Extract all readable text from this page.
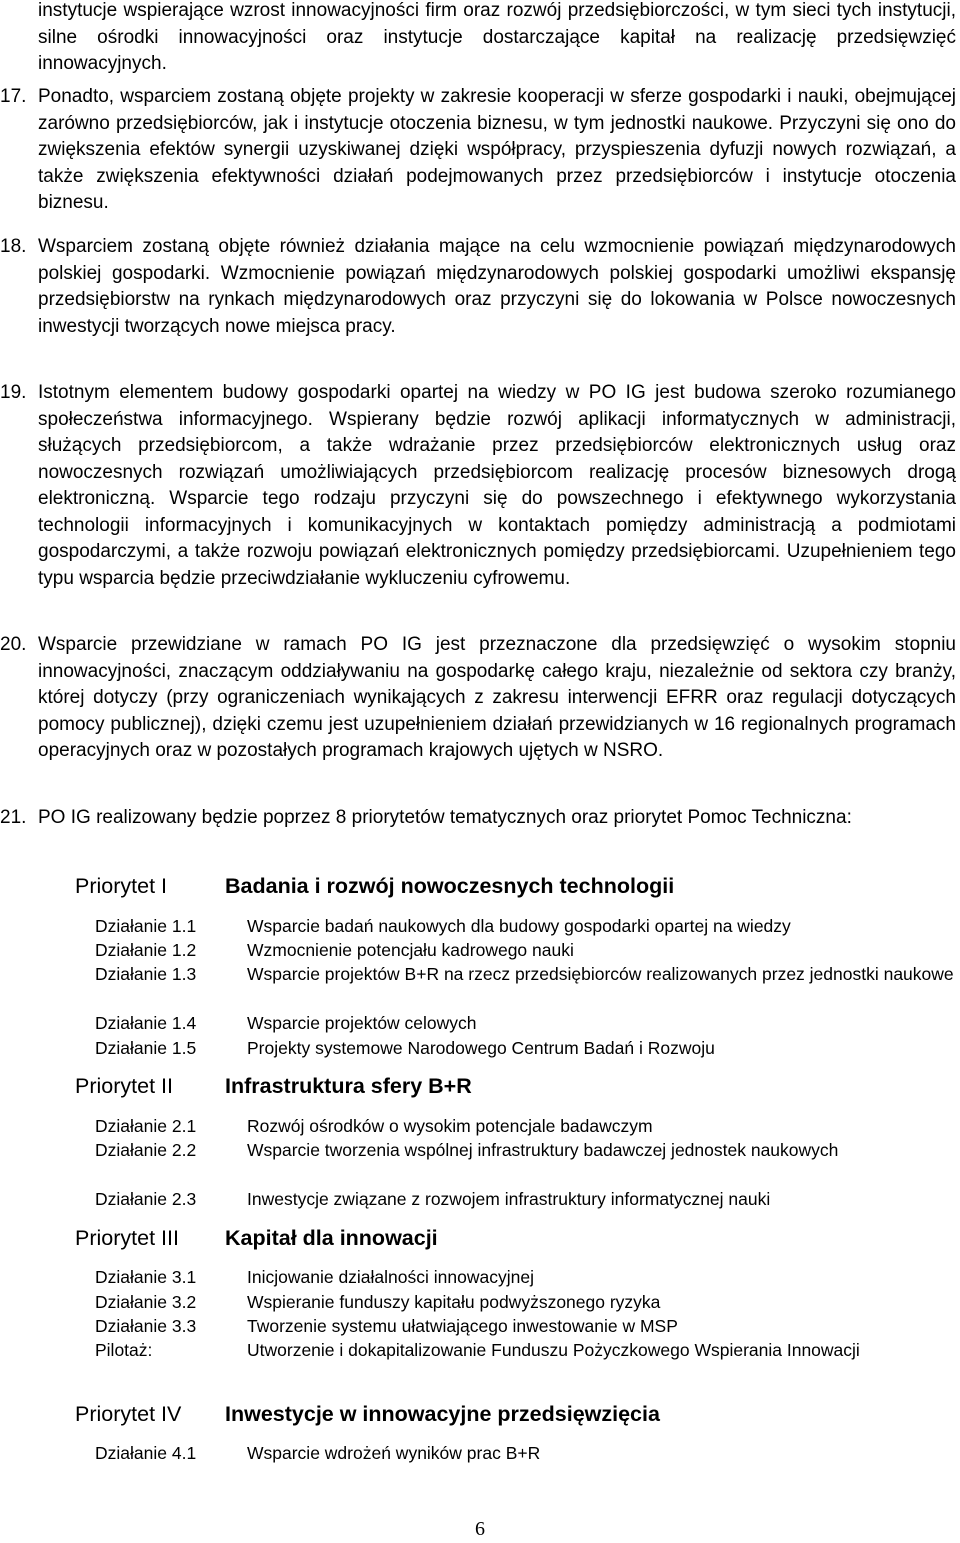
instytucje wspierające wzrost innowacyjności firm oraz rozwój przedsiębiorczości, w tym sieci tych instytucji, silne ośrodki innowacyjności oraz instytucje dostarczające kapitał na realizację przedsięwzięć innowacyjnych.

17. Ponadto, wsparciem zostaną objęte projekty w zakresie kooperacji w sferze gospodarki i nauki, obejmującej zarówno przedsiębiorców, jak i instytucje otoczenia biznesu, w tym jednostki naukowe. Przyczyni się ono do zwiększenia efektów synergii uzyskiwanej dzięki współpracy, przyspieszenia dyfuzji nowych rozwiązań, a także zwiększenia efektywności działań podejmowanych przez przedsiębiorców i instytucje otoczenia biznesu.
18. Wsparciem zostaną objęte również działania mające na celu wzmocnienie powiązań międzynarodowych polskiej gospodarki. Wzmocnienie powiązań międzynarodowych polskiej gospodarki umożliwi ekspansję przedsiębiorstw na rynkach międzynarodowych oraz przyczyni się do lokowania w Polsce nowoczesnych inwestycji tworzących nowe miejsca pracy.
19. Istotnym elementem budowy gospodarki opartej na wiedzy w PO IG jest budowa szeroko rozumianego społeczeństwa informacyjnego. Wspierany będzie rozwój aplikacji informatycznych w administracji, służących przedsiębiorcom, a także wdrażanie przez przedsiębiorców elektronicznych usług oraz nowoczesnych rozwiązań umożliwiających przedsiębiorcom realizację procesów biznesowych drogą elektroniczną. Wsparcie tego rodzaju przyczyni się do powszechnego i efektywnego wykorzystania technologii informacyjnych i komunikacyjnych w kontaktach pomiędzy administracją a podmiotami gospodarczymi, a także rozwoju powiązań elektronicznych pomiędzy przedsiębiorcami. Uzupełnieniem tego typu wsparcia będzie przeciwdziałanie wykluczeniu cyfrowemu.
20. Wsparcie przewidziane w ramach PO IG jest przeznaczone dla przedsięwzięć o wysokim stopniu innowacyjności, znaczącym oddziaływaniu na gospodarkę całego kraju, niezależnie od sektora czy branży, której dotyczy (przy ograniczeniach wynikających z zakresu interwencji EFRR oraz regulacji dotyczących pomocy publicznej), dzięki czemu jest uzupełnieniem działań przewidzianych w 16 regionalnych programach operacyjnych oraz w pozostałych programach krajowych ujętych w NSRO.
21. PO IG realizowany będzie poprzez 8 priorytetów tematycznych oraz priorytet Pomoc Techniczna:
Priorytet I	Badania i rozwój nowoczesnych technologii
Działanie 1.1	Wsparcie badań naukowych dla budowy gospodarki opartej na wiedzy
Działanie 1.2	Wzmocnienie potencjału kadrowego nauki
Działanie 1.3	Wsparcie projektów B+R na rzecz przedsiębiorców realizowanych przez jednostki naukowe
Działanie 1.4	Wsparcie projektów celowych
Działanie 1.5	Projekty systemowe Narodowego Centrum Badań i Rozwoju
Priorytet II Infrastruktura sfery B+R
Działanie 2.1	Rozwój ośrodków o wysokim potencjale badawczym
Działanie 2.2	Wsparcie tworzenia wspólnej infrastruktury badawczej jednostek naukowych
Działanie 2.3	Inwestycje związane z rozwojem infrastruktury informatycznej nauki
Priorytet III Kapitał dla innowacji
Działanie 3.1	Inicjowanie działalności innowacyjnej
Działanie 3.2	Wspieranie funduszy kapitału podwyższonego ryzyka
Działanie 3.3	Tworzenie systemu ułatwiającego inwestowanie w MSP
Pilotaż:	Utworzenie i dokapitalizowanie Funduszu Pożyczkowego Wspierania Innowacji
Priorytet IV Inwestycje w innowacyjne przedsięwzięcia
Działanie 4.1	Wsparcie wdrożeń wyników prac B+R
6
